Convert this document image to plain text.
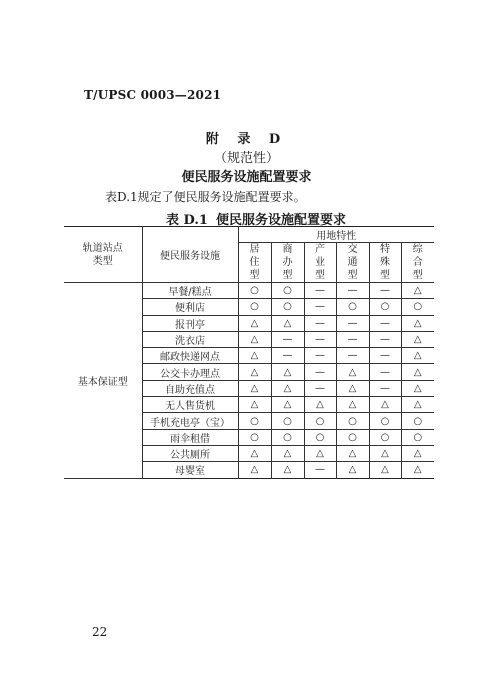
T/UPSC 0003—2021
附 录 D
（规范性）
便民服务设施配置要求
表D.1规定了便民服务设施配置要求。
表 D.1 便民服务设施配置要求
轨道站点类型	便民服务设施	用地特性					
		居住型	商办型	产业型	交通型	特殊型	综合型
基本保证型	早餐/糕点	○	○	—	—	—	△
	便利店	○	○	—	○	○	○
	报刊亭	△	△	—	—	—	△
	洗衣店	△	—	—	—	—	△
	邮政快递网点	△	—	—	—	—	△
	公交卡办理点	△	△	—	△	—	△
	自助充值点	△	△	—	△	—	△
	无人售货机	△	△	△	△	△	△
	手机充电亭（宝）	○	○	○	○	○	○
	雨伞租借	○	○	○	○	○	○
	公共厕所	△	△	△	△	△	△
	母婴室	△	△	—	△	△	△
22
